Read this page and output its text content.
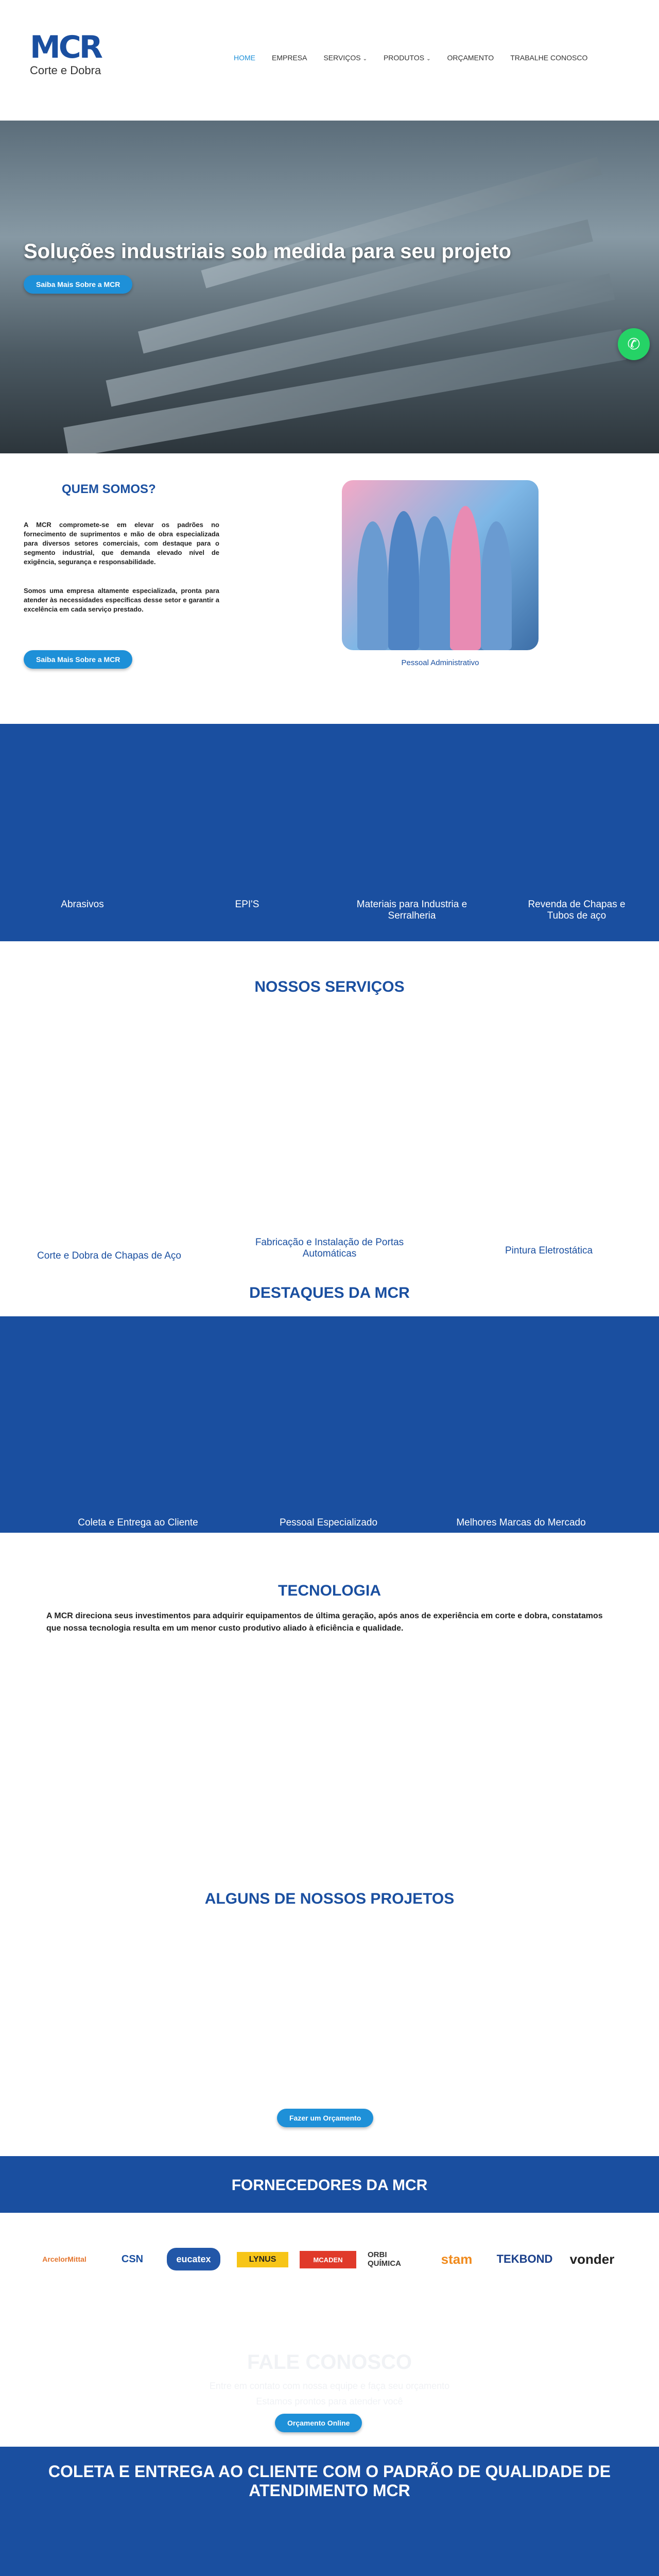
MCR
Corte e Dobra
HOME EMPRESA SERVIÇOS ⌄ PRODUTOS ⌄ ORÇAMENTO TRABALHE CONOSCO
Soluções industriais sob medida para seu projeto
Saiba Mais Sobre a MCR
✆
QUEM SOMOS?

A MCR compromete-se em elevar os padrões no fornecimento de suprimentos e mão de obra especializada para diversos setores comerciais, com destaque para o segmento industrial, que demanda elevado nível de exigência, segurança e responsabilidade.

Somos uma empresa altamente especializada, pronta para atender às necessidades específicas desse setor e garantir a excelência em cada serviço prestado.

Saiba Mais Sobre a MCR	Pessoal Administrativo
Abrasivos	EPI'S	Materiais para Industria e Serralheria
Revenda de Chapas e Tubos de aço
NOSSOS SERVIÇOS
Corte e Dobra de Chapas de Aço
Fabricação e Instalação de Portas Automáticas	Pintura Eletrostática
DESTAQUES DA MCR
Coleta e Entrega ao Cliente	Pessoal Especializado	Melhores Marcas do Mercado
TECNOLOGIA

A MCR direciona seus investimentos para adquirir equipamentos de última geração, após anos de experiência em corte e dobra, constatamos que nossa tecnologia resulta em um menor custo produtivo aliado à eficiência e qualidade.

ALGUNS DE NOSSOS PROJETOS
Fazer um Orçamento
FORNECEDORES DA MCR
ArcelorMittal	CSN	eucatex	LYNUS	MCADEN
ORBI QUÍMICA	stam TEKBOND vonder
FALE CONOSCO

Entre em contato com nossa equipe e faça seu orçamento

Estamos prontos para atender você

Orçamento Online
COLETA E ENTREGA AO CLIENTE COM O PADRÃO DE QUALIDADE DE ATENDIMENTO MCR
